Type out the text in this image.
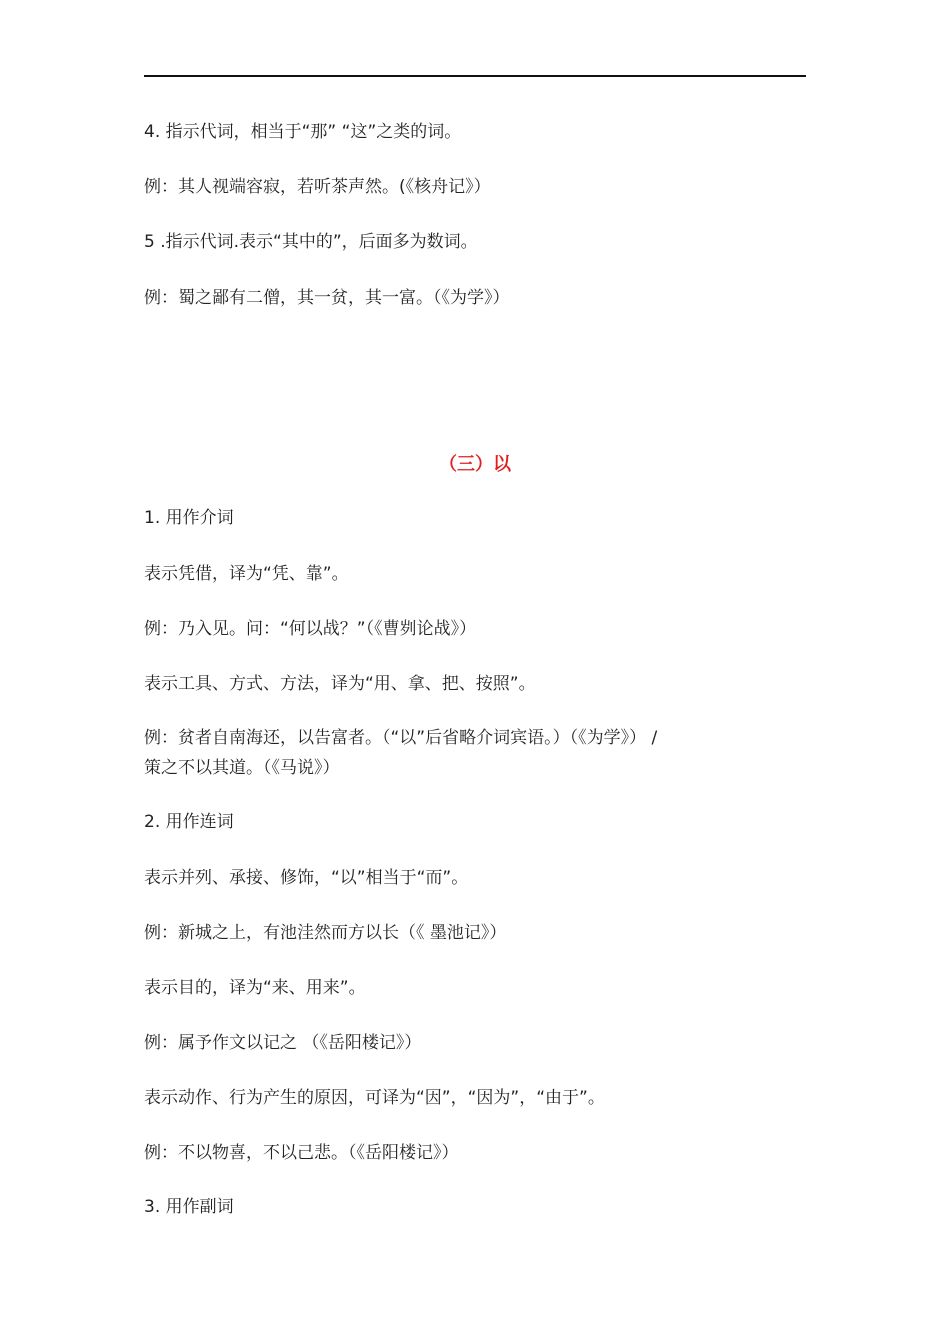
4. 指示代词，相当于“那” “这”之类的词。
例：其人视端容寂，若听茶声然。(《核舟记》）
5 .指示代词.表示“其中的”，后面多为数词。
例：蜀之鄙有二僧，其一贫，其一富。（《为学》）
（三）以
1. 用作介词
表示凭借，译为“凭、靠”。
例：乃入见。问：“何以战？”（《曹刿论战》）
表示工具、方式、方法，译为“用、拿、把、按照”。
例：贫者自南海还，以告富者。（“以”后省略介词宾语。）（《为学》） /
策之不以其道。（《马说》）
2. 用作连词
表示并列、承接、修饰，“以”相当于“而”。
例：新城之上，有池洼然而方以长（《 墨池记》）
表示目的，译为“来、用来”。
例：属予作文以记之 （《岳阳楼记》）
表示动作、行为产生的原因，可译为“因”，“因为”，“由于”。
例：不以物喜，不以己悲。（《岳阳楼记》）
3. 用作副词
